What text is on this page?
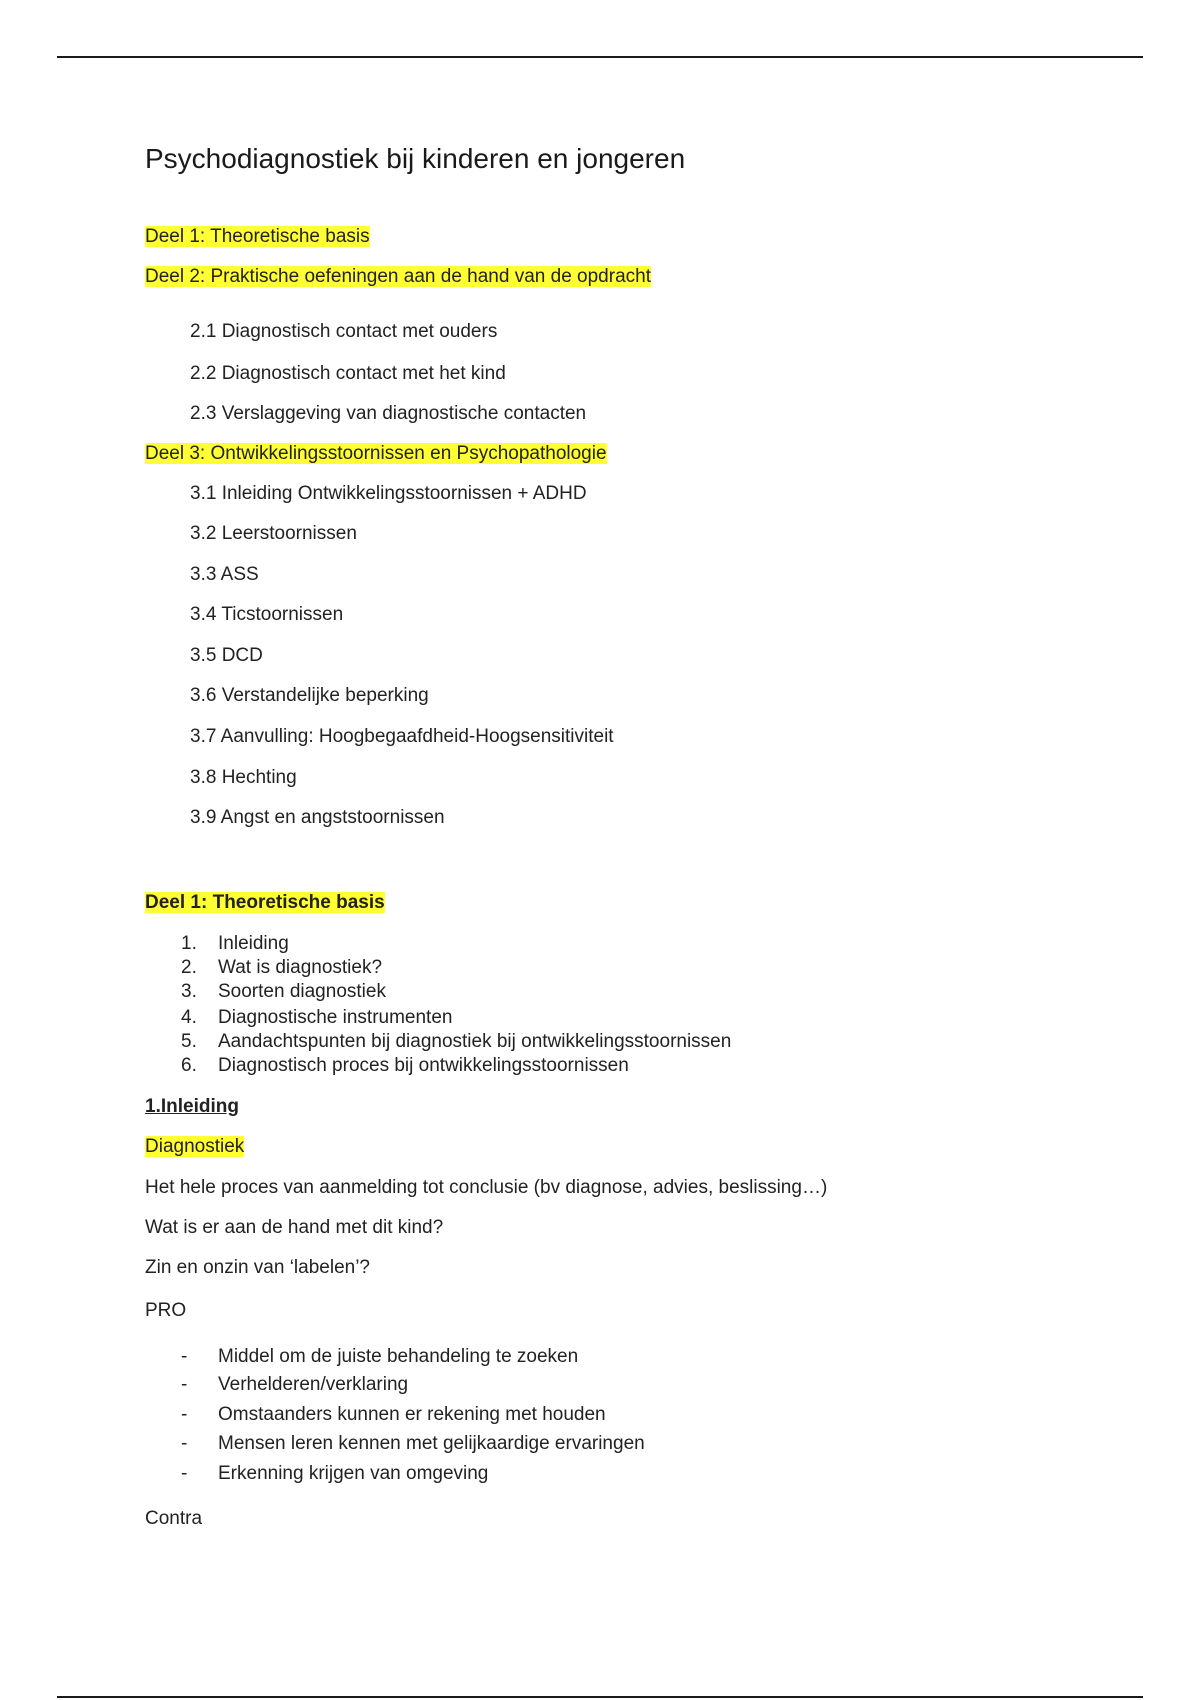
Psychodiagnostiek bij kinderen en jongeren
Deel 1: Theoretische basis
Deel 2: Praktische oefeningen aan de hand van de opdracht
2.1 Diagnostisch contact met ouders
2.2 Diagnostisch contact met het kind
2.3 Verslaggeving van diagnostische contacten
Deel 3: Ontwikkelingsstoornissen en Psychopathologie
3.1 Inleiding Ontwikkelingsstoornissen + ADHD
3.2 Leerstoornissen
3.3 ASS
3.4 Ticstoornissen
3.5 DCD
3.6 Verstandelijke beperking
3.7 Aanvulling: Hoogbegaafdheid-Hoogsensitiviteit
3.8 Hechting
3.9 Angst en angststoornissen
Deel 1: Theoretische basis
1. Inleiding
2. Wat is diagnostiek?
3. Soorten diagnostiek
4. Diagnostische instrumenten
5. Aandachtspunten bij diagnostiek bij ontwikkelingsstoornissen
6. Diagnostisch proces bij ontwikkelingsstoornissen
1.Inleiding
Diagnostiek
Het hele proces van aanmelding tot conclusie (bv diagnose, advies, beslissing…)
Wat is er aan de hand met dit kind?
Zin en onzin van ‘labelen’?
PRO
- Middel om de juiste behandeling te zoeken
- Verhelderen/verklaring
- Omstaanders kunnen er rekening met houden
- Mensen leren kennen met gelijkaardige ervaringen
- Erkenning krijgen van omgeving
Contra
